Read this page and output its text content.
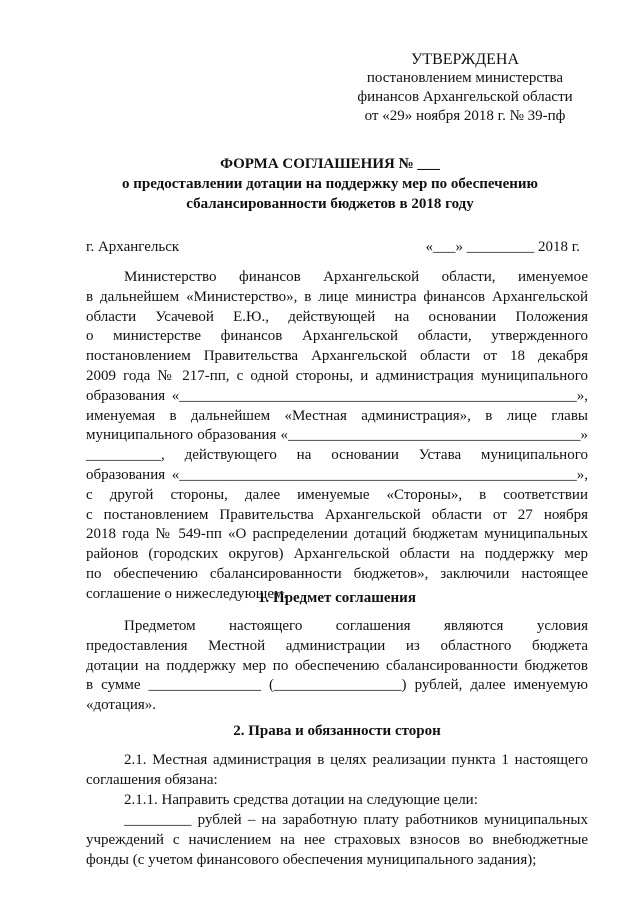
УТВЕРЖДЕНА
постановлением министерства
финансов Архангельской области
от «29» ноября 2018 г. № 39-пф
ФОРМА СОГЛАШЕНИЯ № ___
о предоставлении дотации на поддержку мер по обеспечению
сбалансированности бюджетов в 2018 году
г. Архангельск	«___» _________ 2018 г.
Министерство финансов Архангельской области, именуемое
в дальнейшем «Министерство», в лице министра финансов Архангельской
области Усачевой Е.Ю., действующей на основании Положения
о министерстве финансов Архангельской области, утвержденного
постановлением Правительства Архангельской области от 18 декабря
2009 года № 217-пп, с одной стороны, и администрация муниципального
образования «_____________________________________________________»,
именуемая в дальнейшем «Местная администрация», в лице главы
муниципального образования «_______________________________________»
__________, действующего на основании Устава муниципального
образования «_____________________________________________________»,
с другой стороны, далее именуемые «Стороны», в соответствии
с постановлением Правительства Архангельской области от 27 ноября
2018 года № 549-пп «О распределении дотаций бюджетам муниципальных
районов (городских округов) Архангельской области на поддержку мер
по обеспечению сбалансированности бюджетов», заключили настоящее
соглашение о нижеследующем.
1. Предмет соглашения
Предметом настоящего соглашения являются условия
предоставления Местной администрации из областного бюджета
дотации на поддержку мер по обеспечению сбалансированности бюджетов
в сумме _______________ (_________________) рублей, далее именуемую
«дотация».
2. Права и обязанности сторон
2.1. Местная администрация в целях реализации пункта 1 настоящего
соглашения обязана:
2.1.1. Направить средства дотации на следующие цели:
_________ рублей – на заработную плату работников муниципальных
учреждений с начислением на нее страховых взносов во внебюджетные
фонды (с учетом финансового обеспечения муниципального задания);
